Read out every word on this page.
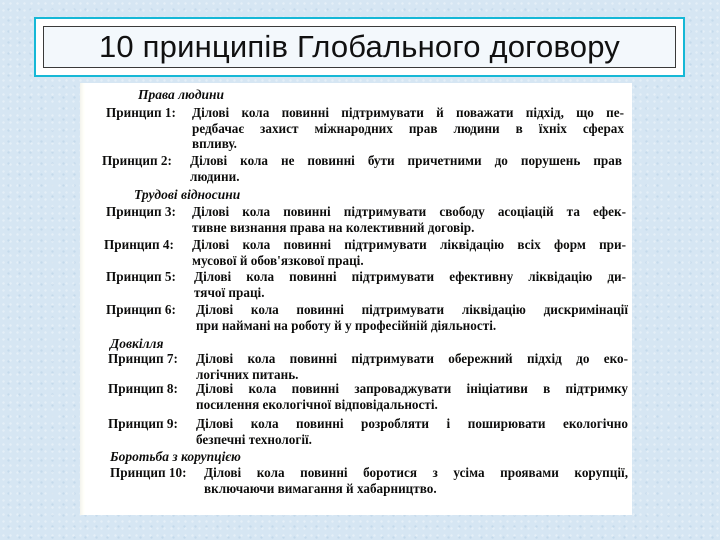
10 принципів Глобального договору
Права людини
Принцип 1: Ділові кола повинні підтримувати й поважати підхід, що пе-
редбачає захист міжнародних прав людини в їхніх сферах
впливу.
Принцип 2: Ділові кола не повинні бути причетними до порушень прав
людини.
Трудові відносини
Принцип 3: Ділові кола повинні підтримувати свободу асоціацій та ефек-
тивне визнання права на колективний договір.
Принцип 4: Ділові кола повинні підтримувати ліквідацію всіх форм при-
мусової й обов'язкової праці.
Принцип 5: Ділові кола повинні підтримувати ефективну ліквідацію ди-
тячої праці.
Принцип 6: Ділові кола повинні підтримувати ліквідацію дискримінації
при наймані на роботу й у професійній діяльності.
Довкілля
Принцип 7: Ділові кола повинні підтримувати обережний підхід до еко-
логічних питань.
Принцип 8: Ділові кола повинні запроваджувати ініціативи в підтримку
посилення екологічної відповідальності.
Принцип 9: Ділові кола повинні розробляти і поширювати екологічно
безпечні технології.
Боротьба з корупцією
Принцип 10: Ділові кола повинні боротися з усіма проявами корупції,
включаючи вимагання й хабарництво.
